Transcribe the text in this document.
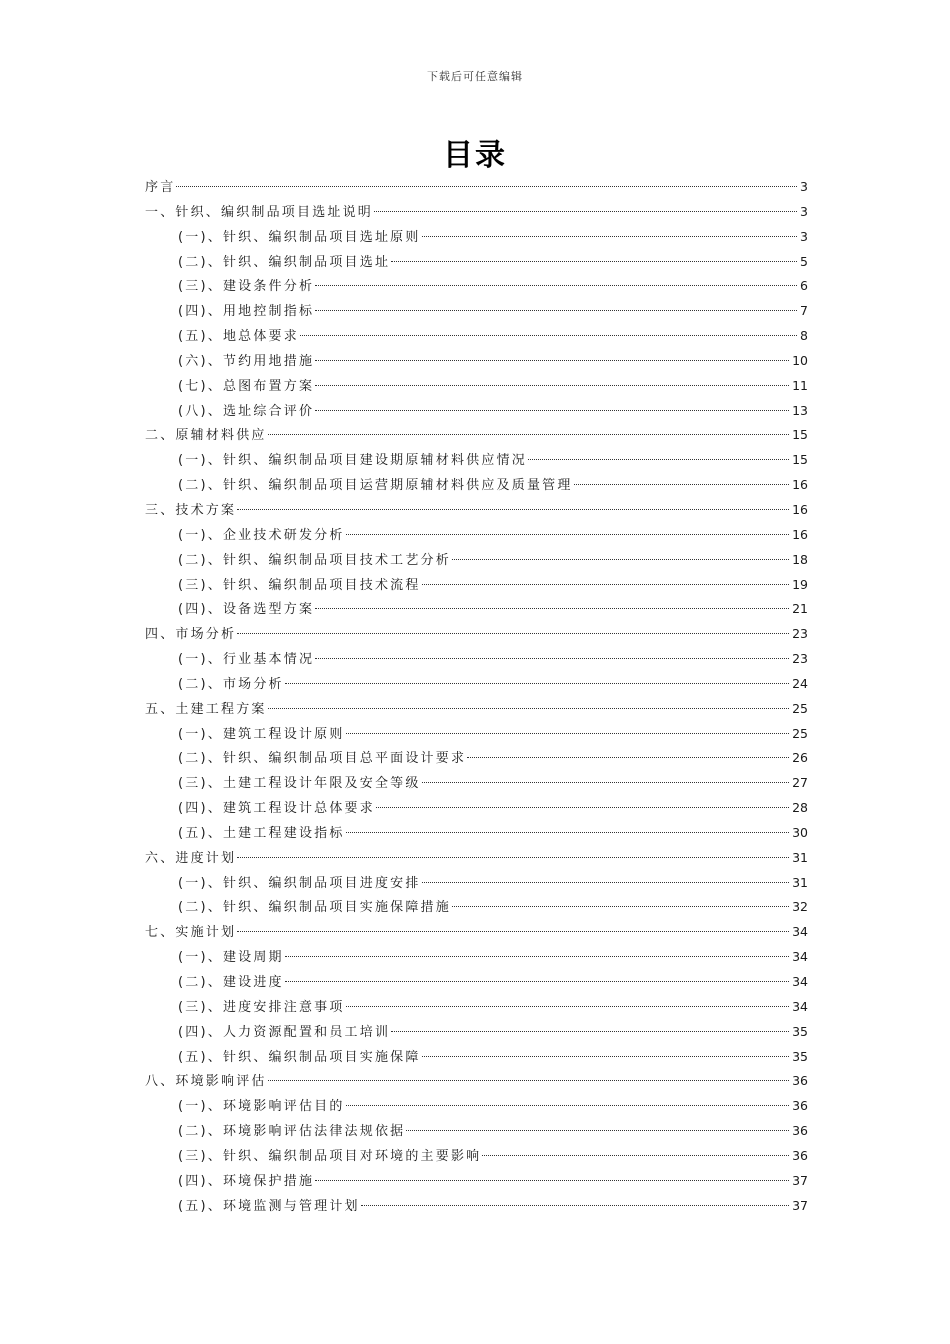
下载后可任意编辑
目录
序言	3
一、针织、编织制品项目选址说明	3
(一)、针织、编织制品项目选址原则	3
(二)、针织、编织制品项目选址	5
(三)、建设条件分析	6
(四)、用地控制指标	7
(五)、地总体要求	8
(六)、节约用地措施	10
(七)、总图布置方案	11
(八)、选址综合评价	13
二、原辅材料供应	15
(一)、针织、编织制品项目建设期原辅材料供应情况	15
(二)、针织、编织制品项目运营期原辅材料供应及质量管理	16
三、技术方案	16
(一)、企业技术研发分析	16
(二)、针织、编织制品项目技术工艺分析	18
(三)、针织、编织制品项目技术流程	19
(四)、设备选型方案	21
四、市场分析	23
(一)、行业基本情况	23
(二)、市场分析	24
五、土建工程方案	25
(一)、建筑工程设计原则	25
(二)、针织、编织制品项目总平面设计要求	26
(三)、土建工程设计年限及安全等级	27
(四)、建筑工程设计总体要求	28
(五)、土建工程建设指标	30
六、进度计划	31
(一)、针织、编织制品项目进度安排	31
(二)、针织、编织制品项目实施保障措施	32
七、实施计划	34
(一)、建设周期	34
(二)、建设进度	34
(三)、进度安排注意事项	34
(四)、人力资源配置和员工培训	35
(五)、针织、编织制品项目实施保障	35
八、环境影响评估	36
(一)、环境影响评估目的	36
(二)、环境影响评估法律法规依据	36
(三)、针织、编织制品项目对环境的主要影响	36
(四)、环境保护措施	37
(五)、环境监测与管理计划	37
